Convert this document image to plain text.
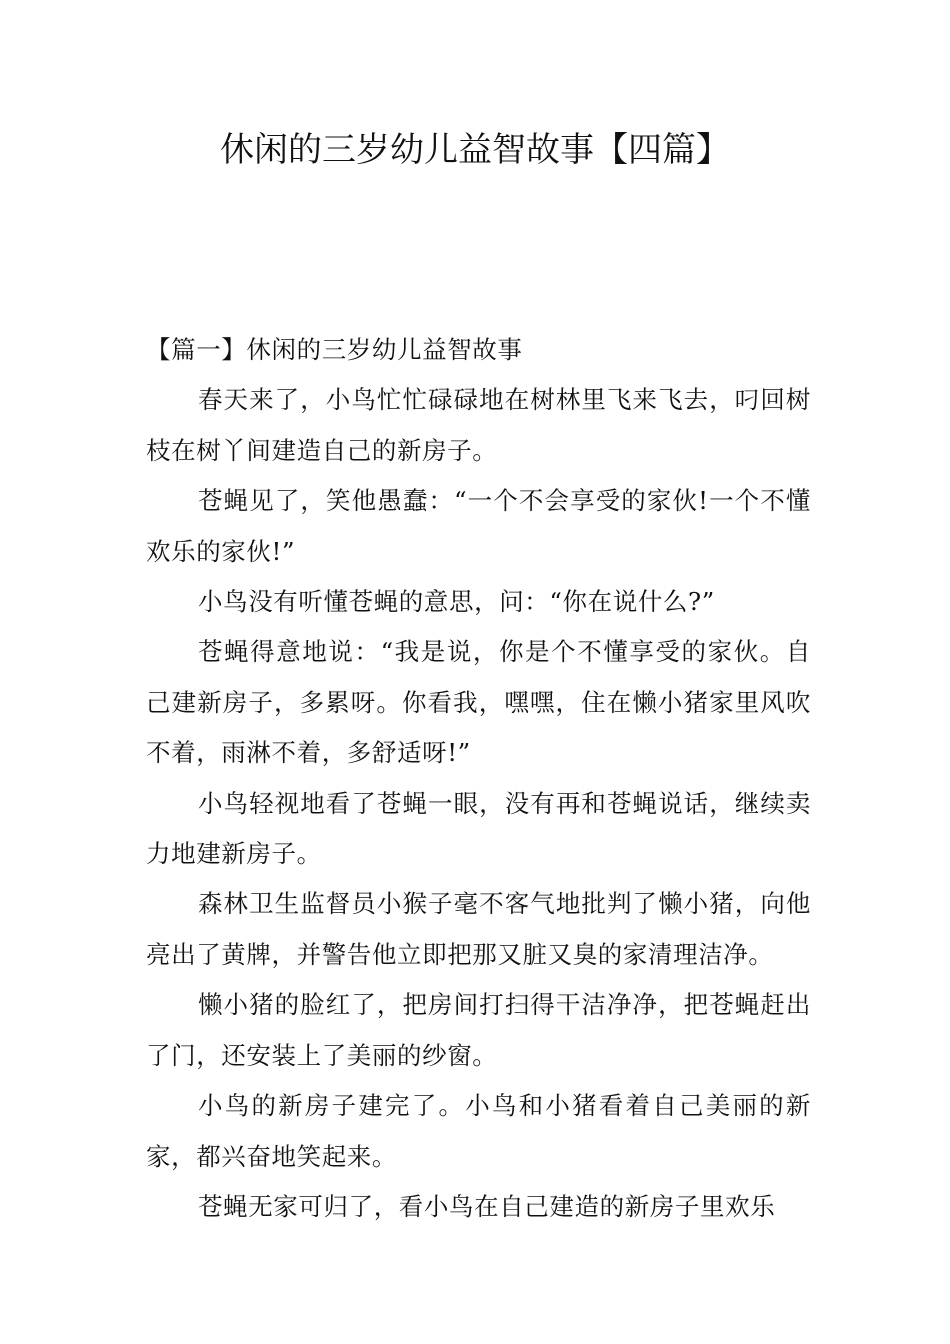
休闲的三岁幼儿益智故事【四篇】
【篇一】休闲的三岁幼儿益智故事

春天来了，小鸟忙忙碌碌地在树林里飞来飞去，叼回树枝在树丫间建造自己的新房子。

苍蝇见了，笑他愚蠢：“一个不会享受的家伙!一个不懂欢乐的家伙!”

小鸟没有听懂苍蝇的意思，问：“你在说什么?”

苍蝇得意地说：“我是说，你是个不懂享受的家伙。自己建新房子，多累呀。你看我，嘿嘿，住在懒小猪家里风吹不着，雨淋不着，多舒适呀!”

小鸟轻视地看了苍蝇一眼，没有再和苍蝇说话，继续卖力地建新房子。

森林卫生监督员小猴子毫不客气地批判了懒小猪，向他亮出了黄牌，并警告他立即把那又脏又臭的家清理洁净。

懒小猪的脸红了，把房间打扫得干洁净净，把苍蝇赶出了门，还安装上了美丽的纱窗。

小鸟的新房子建完了。小鸟和小猪看着自己美丽的新家，都兴奋地笑起来。

苍蝇无家可归了，看小鸟在自己建造的新房子里欢乐
